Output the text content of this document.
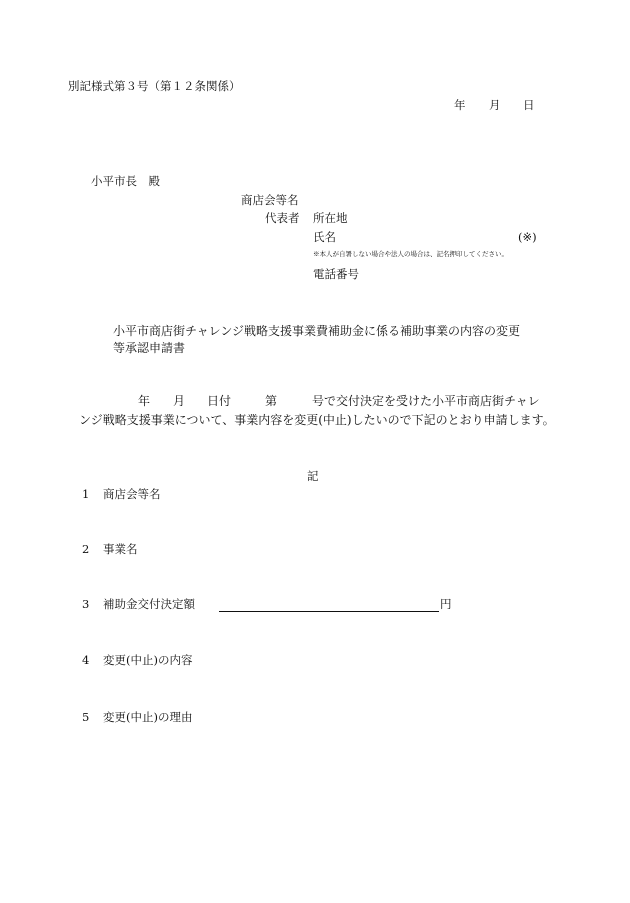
別記様式第３号（第１２条関係）
年 月 日
小平市長　殿
商店会等名
代表者 所在地
氏名	(※)
※本人が自署しない場合や法人の場合は、記名押印してください。
電話番号
小平市商店街チャレンジ戦略支援事業費補助金に係る補助事業の内容の変更
等承認申請書
年 月 日付	第	号で交付決定を受けた小平市商店街チャレ
ンジ戦略支援事業について、事業内容を変更(中止)したいので下記のとおり申請します。
記
1 商店会等名
2 事業名
3 補助金交付決定額	円
4 変更(中止)の内容
5 変更(中止)の理由
